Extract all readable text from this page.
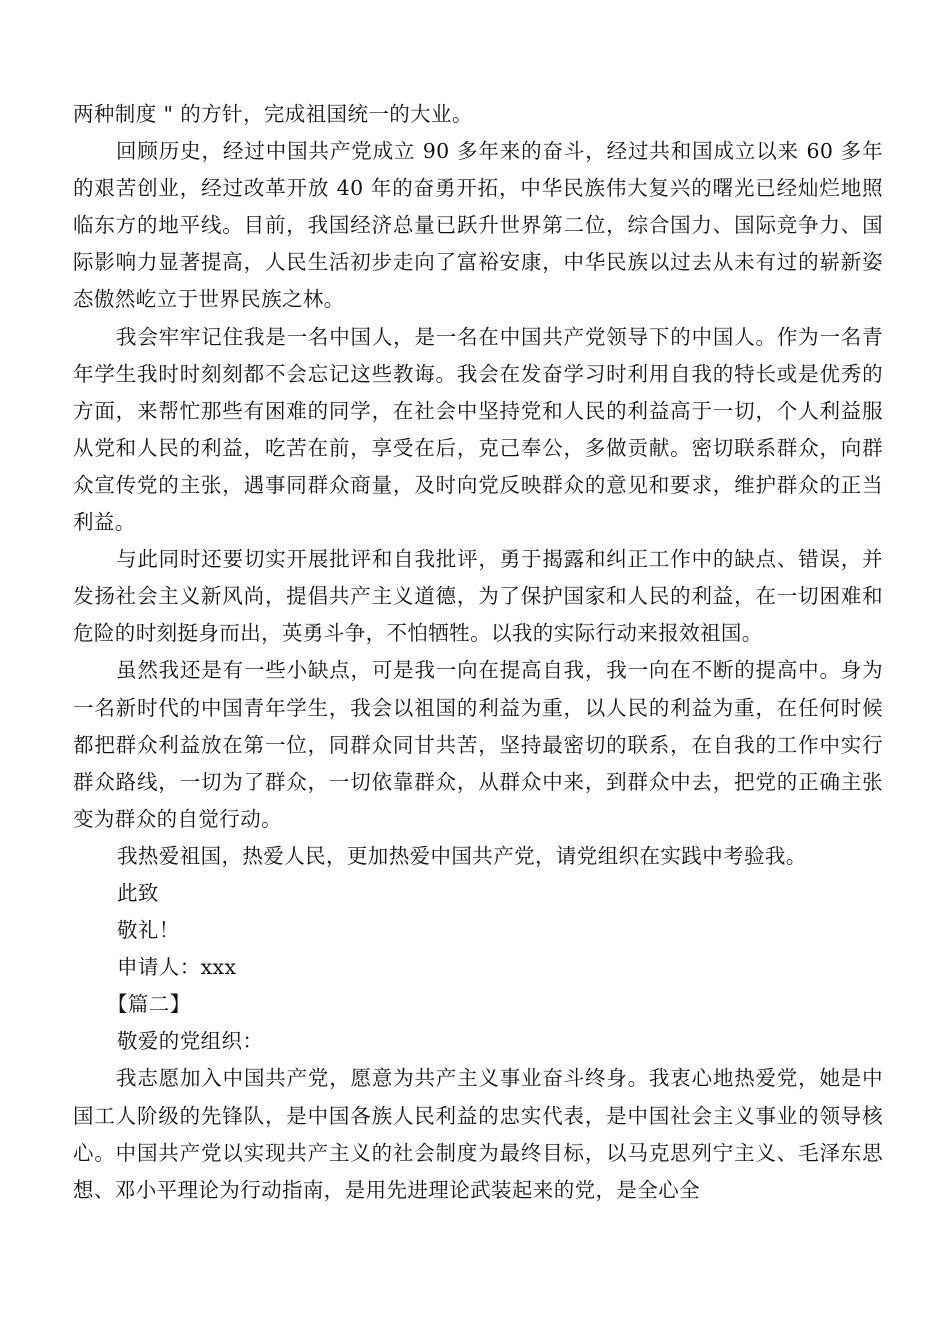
两种制度 " 的方针，完成祖国统一的大业。

回顾历史，经过中国共产党成立 90 多年来的奋斗，经过共和国成立以来 60 多年的艰苦创业，经过改革开放 40 年的奋勇开拓，中华民族伟大复兴的曙光已经灿烂地照临东方的地平线。目前，我国经济总量已跃升世界第二位，综合国力、国际竞争力、国际影响力显著提高，人民生活初步走向了富裕安康，中华民族以过去从未有过的崭新姿态傲然屹立于世界民族之林。

我会牢牢记住我是一名中国人，是一名在中国共产党领导下的中国人。作为一名青年学生我时时刻刻都不会忘记这些教诲。我会在发奋学习时利用自我的特长或是优秀的方面，来帮忙那些有困难的同学，在社会中坚持党和人民的利益高于一切，个人利益服从党和人民的利益，吃苦在前，享受在后，克己奉公，多做贡献。密切联系群众，向群众宣传党的主张，遇事同群众商量，及时向党反映群众的意见和要求，维护群众的正当利益。

与此同时还要切实开展批评和自我批评，勇于揭露和纠正工作中的缺点、错误，并发扬社会主义新风尚，提倡共产主义道德，为了保护国家和人民的利益，在一切困难和危险的时刻挺身而出，英勇斗争，不怕牺牲。以我的实际行动来报效祖国。

虽然我还是有一些小缺点，可是我一向在提高自我，我一向在不断的提高中。身为一名新时代的中国青年学生，我会以祖国的利益为重，以人民的利益为重，在任何时候都把群众利益放在第一位，同群众同甘共苦，坚持最密切的联系，在自我的工作中实行群众路线，一切为了群众，一切依靠群众，从群众中来，到群众中去，把党的正确主张变为群众的自觉行动。

我热爱祖国，热爱人民，更加热爱中国共产党，请党组织在实践中考验我。

此致

敬礼！

申请人：xxx

【篇二】

敬爱的党组织：

我志愿加入中国共产党，愿意为共产主义事业奋斗终身。我衷心地热爱党，她是中国工人阶级的先锋队，是中国各族人民利益的忠实代表，是中国社会主义事业的领导核心。中国共产党以实现共产主义的社会制度为最终目标，以马克思列宁主义、毛泽东思想、邓小平理论为行动指南，是用先进理论武装起来的党，是全心全
